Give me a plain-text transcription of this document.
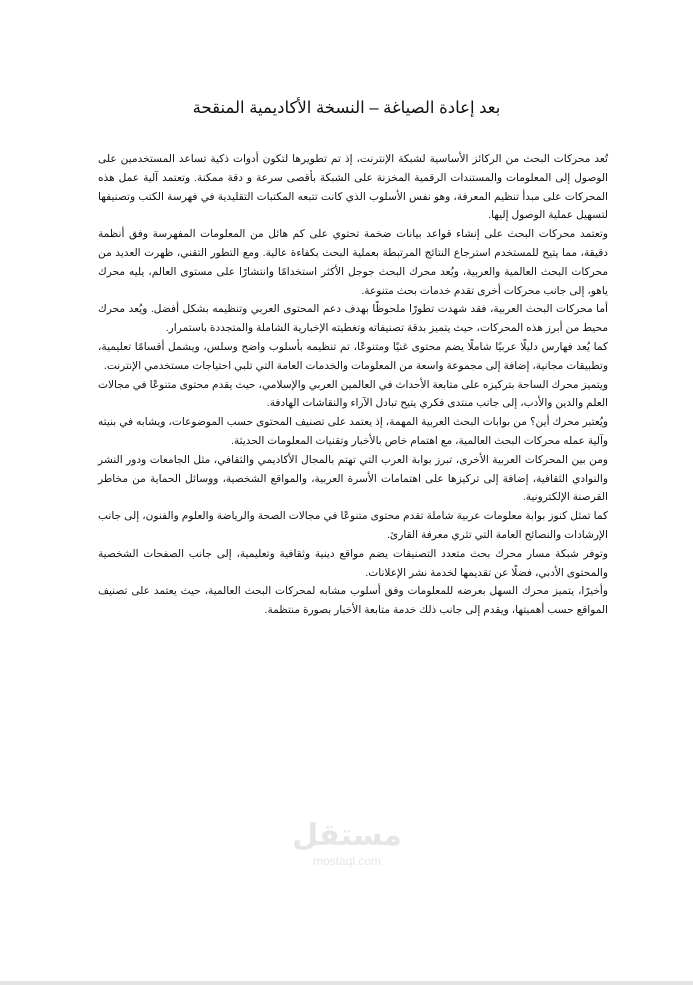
بعد إعادة الصياغة – النسخة الأكاديمية المنقحة

تُعد محركات البحث من الركائز الأساسية لشبكة الإنترنت، إذ تم تطويرها لتكون أدوات ذكية تساعد المستخدمين على الوصول إلى المعلومات والمستندات الرقمية المخزنة على الشبكة بأقصى سرعة و دقة ممكنة. وتعتمد آلية عمل هذه المحركات على مبدأ تنظيم المعرفة، وهو نفس الأسلوب الذي كانت تتبعه المكتبات التقليدية في فهرسة الكتب وتصنيفها لتسهيل عملية الوصول إليها.

وتعتمد محركات البحث على إنشاء قواعد بيانات ضخمة تحتوي على كم هائل من المعلومات المفهرسة وفق أنظمة دقيقة، مما يتيح للمستخدم استرجاع النتائج المرتبطة بعملية البحث بكفاءة عالية. ومع التطور التقني، ظهرت العديد من محركات البحث العالمية والعربية، ويُعد محرك البحث جوجل الأكثر استخدامًا وانتشارًا على مستوى العالم، يليه محرك ياهو، إلى جانب محركات أخرى تقدم خدمات بحث متنوعة.

أما محركات البحث العربية، فقد شهدت تطورًا ملحوظًا بهدف دعم المحتوى العربي وتنظيمه بشكل أفضل. ويُعد محرك محيط من أبرز هذه المحركات، حيث يتميز بدقة تصنيفاته وتغطيته الإخبارية الشاملة والمتجددة باستمرار.

كما يُعد فهارس دليلًا عربيًا شاملًا يضم محتوى غنيًا ومتنوعًا، تم تنظيمه بأسلوب واضح وسلس، ويشمل أقسامًا تعليمية، وتطبيقات مجانية، إضافة إلى مجموعة واسعة من المعلومات والخدمات العامة التي تلبي احتياجات مستخدمي الإنترنت.

ويتميز محرك الساحة بتركيزه على متابعة الأحداث في العالمين العربي والإسلامي، حيث يقدم محتوى متنوعًا في مجالات العلم والدين والأدب، إلى جانب منتدى فكري يتيح تبادل الآراء والنقاشات الهادفة.

ويُعتبر محرك أين؟ من بوابات البحث العربية المهمة، إذ يعتمد على تصنيف المحتوى حسب الموضوعات، ويشابه في بنيته وآلية عمله محركات البحث العالمية، مع اهتمام خاص بالأخبار وتقنيات المعلومات الحديثة.

ومن بين المحركات العربية الأخرى، تبرز بوابة العرب التي تهتم بالمجال الأكاديمي والثقافي، مثل الجامعات ودور النشر والنوادي الثقافية، إضافة إلى تركيزها على اهتمامات الأسرة العربية، والمواقع الشخصية، ووسائل الحماية من مخاطر القرصنة الإلكترونية.

كما تمثل كنوز بوابة معلومات عربية شاملة تقدم محتوى متنوعًا في مجالات الصحة والرياضة والعلوم والفنون، إلى جانب الإرشادات والنصائح العامة التي تثري معرفة القارئ.

وتوفر شبكة مسار محرك بحث متعدد التصنيفات يضم مواقع دينية وثقافية وتعليمية، إلى جانب الصفحات الشخصية والمحتوى الأدبي، فضلًا عن تقديمها لخدمة نشر الإعلانات.

وأخيرًا، يتميز محرك السهل بعرضه للمعلومات وفق أسلوب مشابه لمحركات البحث العالمية، حيث يعتمد على تصنيف المواقع حسب أهميتها، ويقدم إلى جانب ذلك خدمة متابعة الأخبار بصورة منتظمة.

مستقل
mostaql.com
